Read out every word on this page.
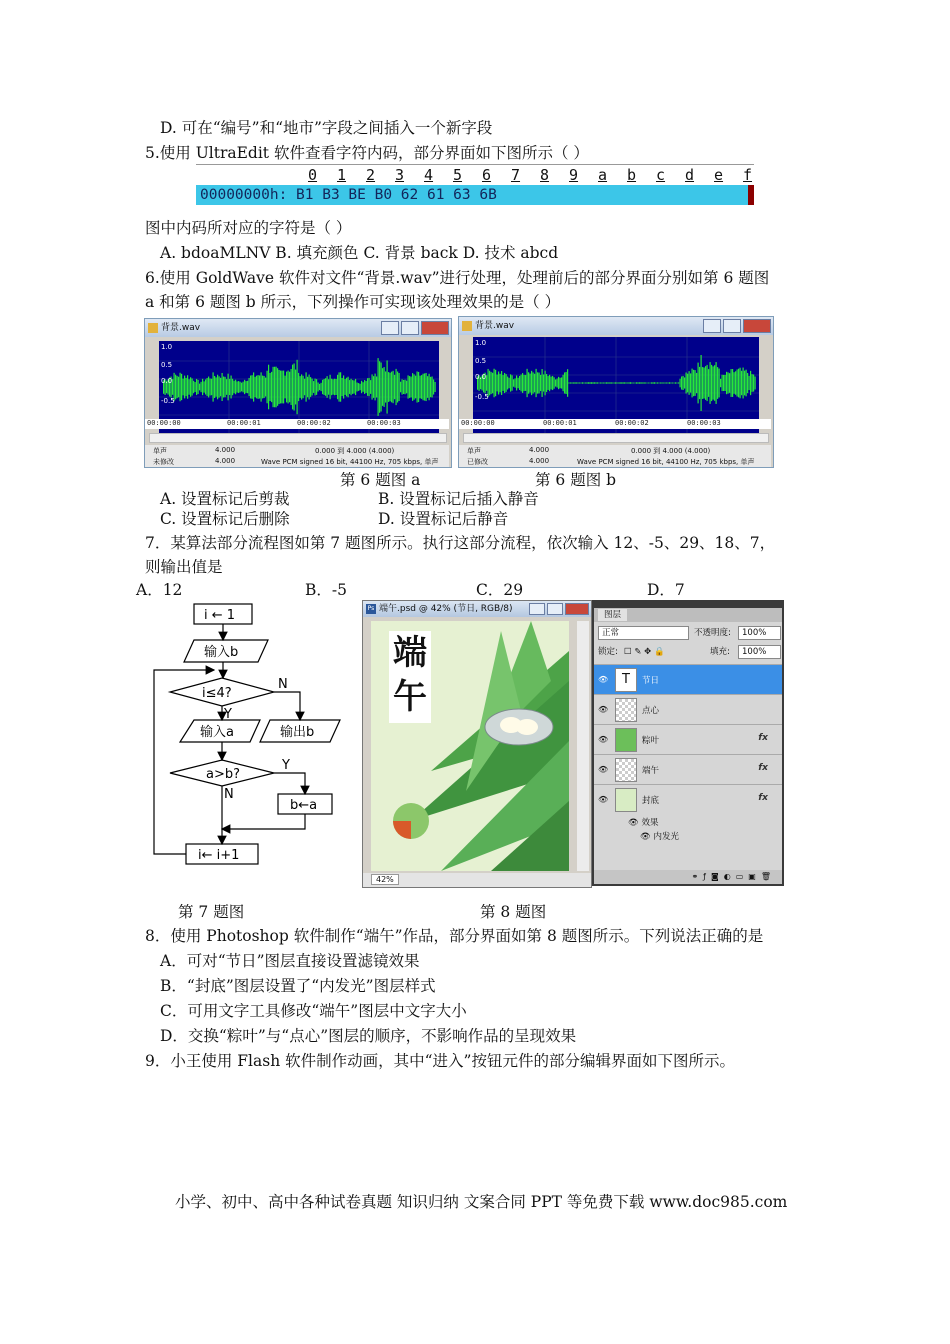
D. 可在“编号”和“地市”字段之间插入一个新字段
5.使用 UltraEdit 软件查看字符内码，部分界面如下图所示（ ）
0 1 2 3 4 5 6 7 8 9 a b c d e f
00000000h: B1 B3 BE B0 62 61 63 6B
图中内码所对应的字符是（ ）
A. bdoaMLNV B. 填充颜色 C. 背景 back D. 技术 abcd
6.使用 GoldWave 软件对文件“背景.wav”进行处理，处理前后的部分界面分别如第 6 题图
a 和第 6 题图 b 所示，下列操作可实现该处理效果的是（ ）
背景.wav
1.0
0.5
0.0
-0.5
00:00:00	00:00:01	00:00:02	00:00:03
单声	4.000	0.000 到 4.000 (4.000)
未修改	4.000	Wave PCM signed 16 bit, 44100 Hz, 705 kbps, 单声
背景.wav
1.0
0.5
0.0
-0.5
00:00:00	00:00:01	00:00:02	00:00:03
单声	4.000	0.000 到 4.000 (4.000)
已修改	4.000	Wave PCM signed 16 bit, 44100 Hz, 705 kbps, 单声
第 6 题图 a	第 6 题图 b
A. 设置标记后剪裁	B. 设置标记后插入静音
C. 设置标记后删除	D. 设置标记后静音
7．某算法部分流程图如第 7 题图所示。执行这部分流程，依次输入 12、-5、29、18、7，
则输出值是
A．12	B．-5	C．29	D．7
i ← 1
输入b
i≤4?
N
Y
输入a	输出b
a>b?
Y
N
b←a
i← i+1
Ps 端午.psd @ 42% (节日, RGB/8)
端
午
42%
图层
正常	不透明度:	100%
锁定: ☐ ✎ ✥ 🔒	填充:	100%
👁	T	节日
👁	点心
👁	粽叶	fx
👁	端午	fx
👁	封底	fx
👁 效果
👁 内发光
⚭ƒ◙◐▭▣🗑
第 7 题图	第 8 题图
8．使用 Photoshop 软件制作“端午”作品，部分界面如第 8 题图所示。下列说法正确的是
A．可对“节日”图层直接设置滤镜效果
B．“封底”图层设置了“内发光”图层样式
C．可用文字工具修改“端午”图层中文字大小
D．交换“粽叶”与“点心”图层的顺序，不影响作品的呈现效果
9．小王使用 Flash 软件制作动画，其中“进入”按钮元件的部分编辑界面如下图所示。
小学、初中、高中各种试卷真题 知识归纳 文案合同 PPT 等免费下载 www.doc985.com
